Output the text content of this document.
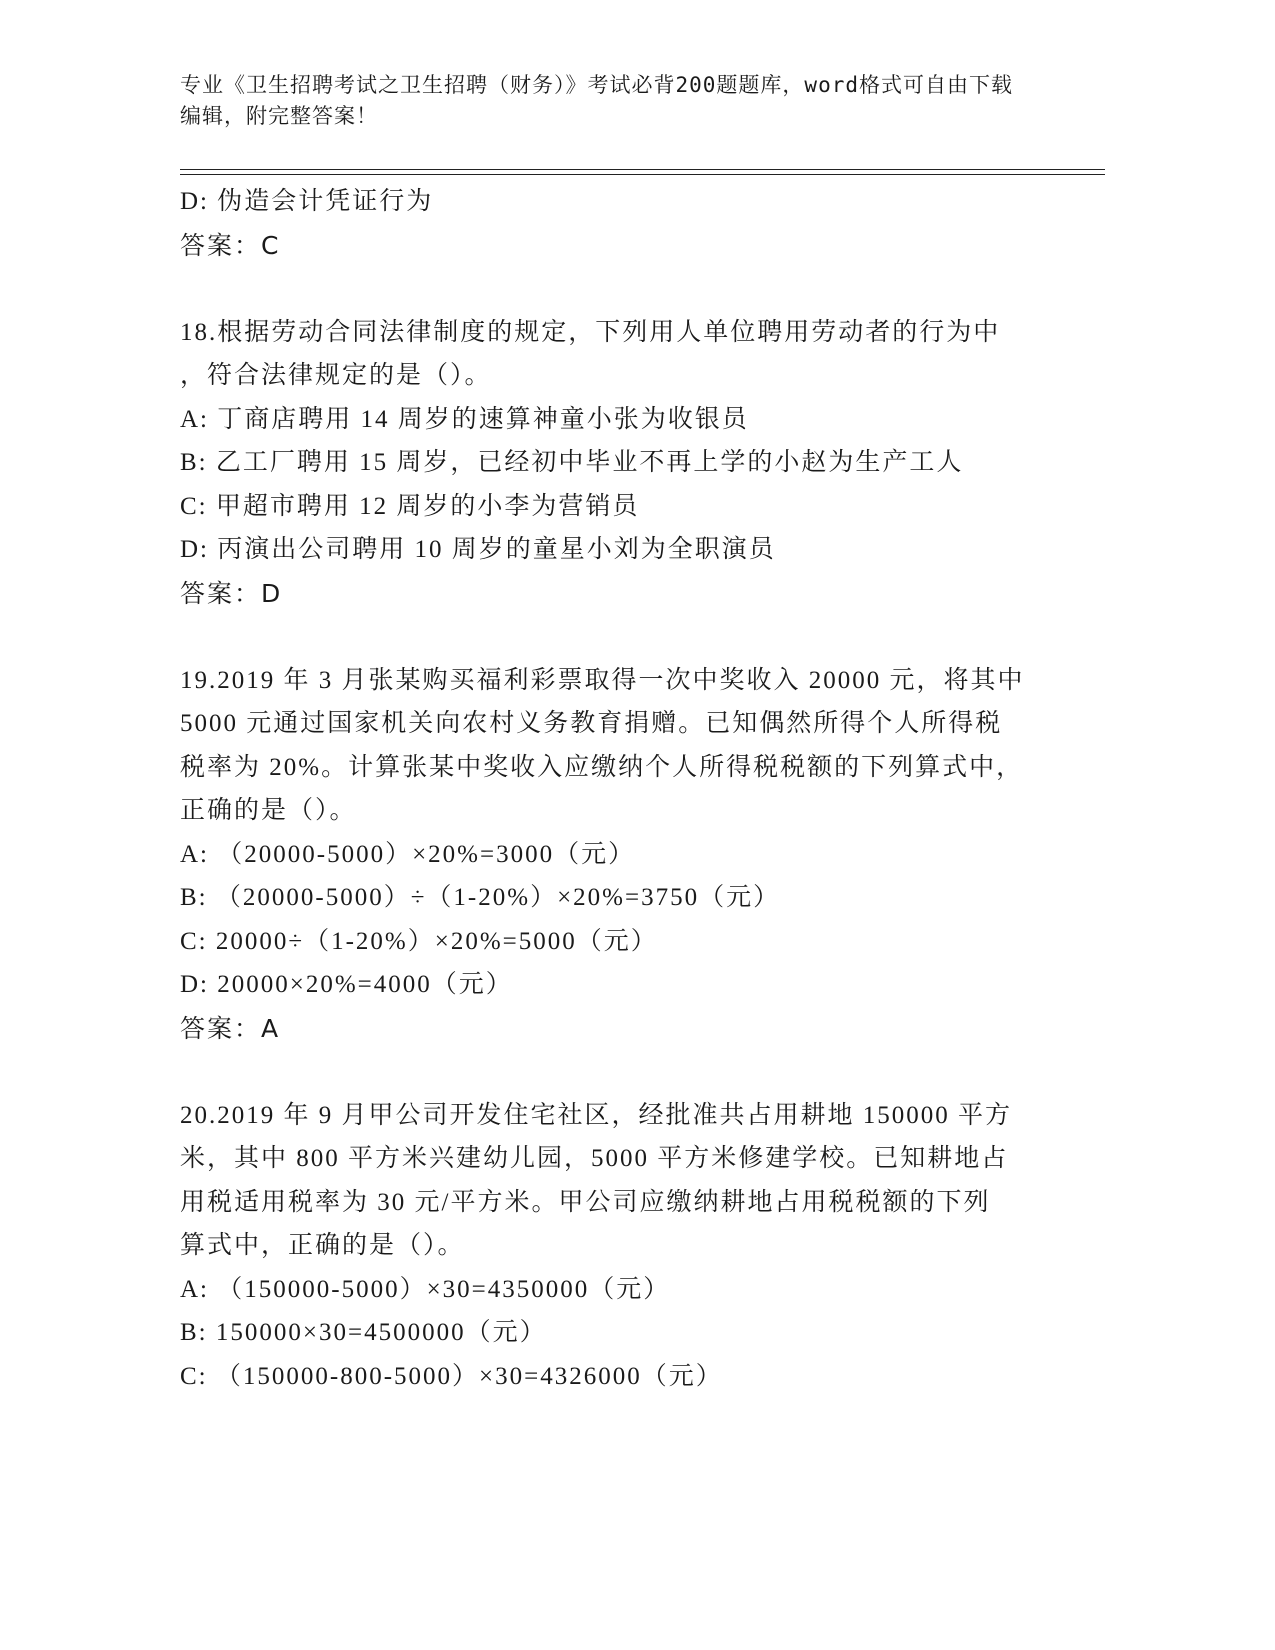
专业《卫生招聘考试之卫生招聘（财务）》考试必背200题题库，word格式可自由下载编辑，附完整答案！
D: 伪造会计凭证行为
答案：C
18.根据劳动合同法律制度的规定，下列用人单位聘用劳动者的行为中
，符合法律规定的是（）。
A: 丁商店聘用 14 周岁的速算神童小张为收银员
B: 乙工厂聘用 15 周岁，已经初中毕业不再上学的小赵为生产工人
C: 甲超市聘用 12 周岁的小李为营销员
D: 丙演出公司聘用 10 周岁的童星小刘为全职演员
答案：D
19.2019 年 3 月张某购买福利彩票取得一次中奖收入 20000 元，将其中
5000 元通过国家机关向农村义务教育捐赠。已知偶然所得个人所得税
税率为 20%。计算张某中奖收入应缴纳个人所得税税额的下列算式中，
正确的是（）。
A: （20000-5000）×20%=3000（元）
B: （20000-5000）÷（1-20%）×20%=3750（元）
C: 20000÷（1-20%）×20%=5000（元）
D: 20000×20%=4000（元）
答案：A
20.2019 年 9 月甲公司开发住宅社区，经批准共占用耕地 150000 平方
米，其中 800 平方米兴建幼儿园，5000 平方米修建学校。已知耕地占
用税适用税率为 30 元/平方米。甲公司应缴纳耕地占用税税额的下列
算式中，正确的是（）。
A: （150000-5000）×30=4350000（元）
B: 150000×30=4500000（元）
C: （150000-800-5000）×30=4326000（元）
